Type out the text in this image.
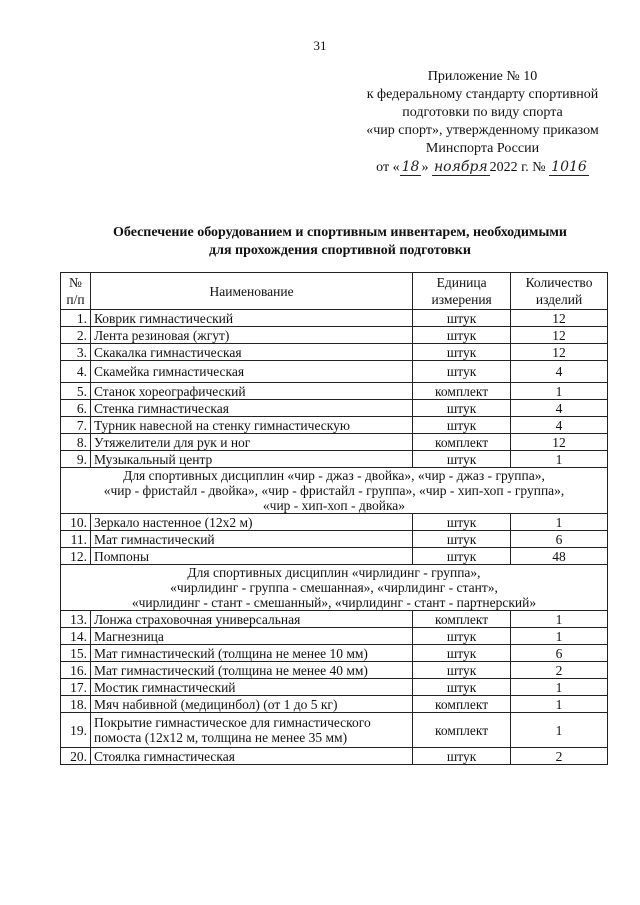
31
Приложение № 10
к федеральному стандарту спортивной
подготовки по виду спорта
«чир спорт», утвержденному приказом
Минспорта России
от « 18 » ноября 2022 г. № 1016
Обеспечение оборудованием и спортивным инвентарем, необходимыми
для прохождения спортивной подготовки
№ п/п	Наименование	Единица измерения	Количество изделий
1.	Коврик гимнастический	штук	12
2.	Лента резиновая (жгут)	штук	12
3.	Скакалка гимнастическая	штук	12
4.	Скамейка гимнастическая	штук	4
5.	Станок хореографический	комплект	1
6.	Стенка гимнастическая	штук	4
7.	Турник навесной на стенку гимнастическую	штук	4
8.	Утяжелители для рук и ног	комплект	12
9.	Музыкальный центр	штук	1

Для спортивных дисциплин «чир - джаз - двойка», «чир - джаз - группа»,
«чир - фристайл - двойка», «чир - фристайл - группа», «чир - хип-хоп - группа»,
«чир - хип-хоп - двойка»			

10.	Зеркало настенное (12х2 м)	штук	1
11.	Мат гимнастический	штук	6
12.	Помпоны	штук	48

Для спортивных дисциплин «чирлидинг - группа»,
«чирлидинг - группа - смешанная», «чирлидинг - стант»,
«чирлидинг - стант - смешанный», «чирлидинг - стант - партнерский»			

13.	Лонжа страховочная универсальная	комплект	1
14.	Магнезница	штук	1
15.	Мат гимнастический (толщина не менее 10 мм)	штук	6
16.	Мат гимнастический (толщина не менее 40 мм)	штук	2
17.	Мостик гимнастический	штук	1
18.	Мяч набивной (медицинбол) (от 1 до 5 кг)	комплект	1
19.	Покрытие гимнастическое для гимнастического помоста (12х12 м, толщина не менее 35 мм)	комплект	1
20.	Стоялка гимнастическая	штук	2
